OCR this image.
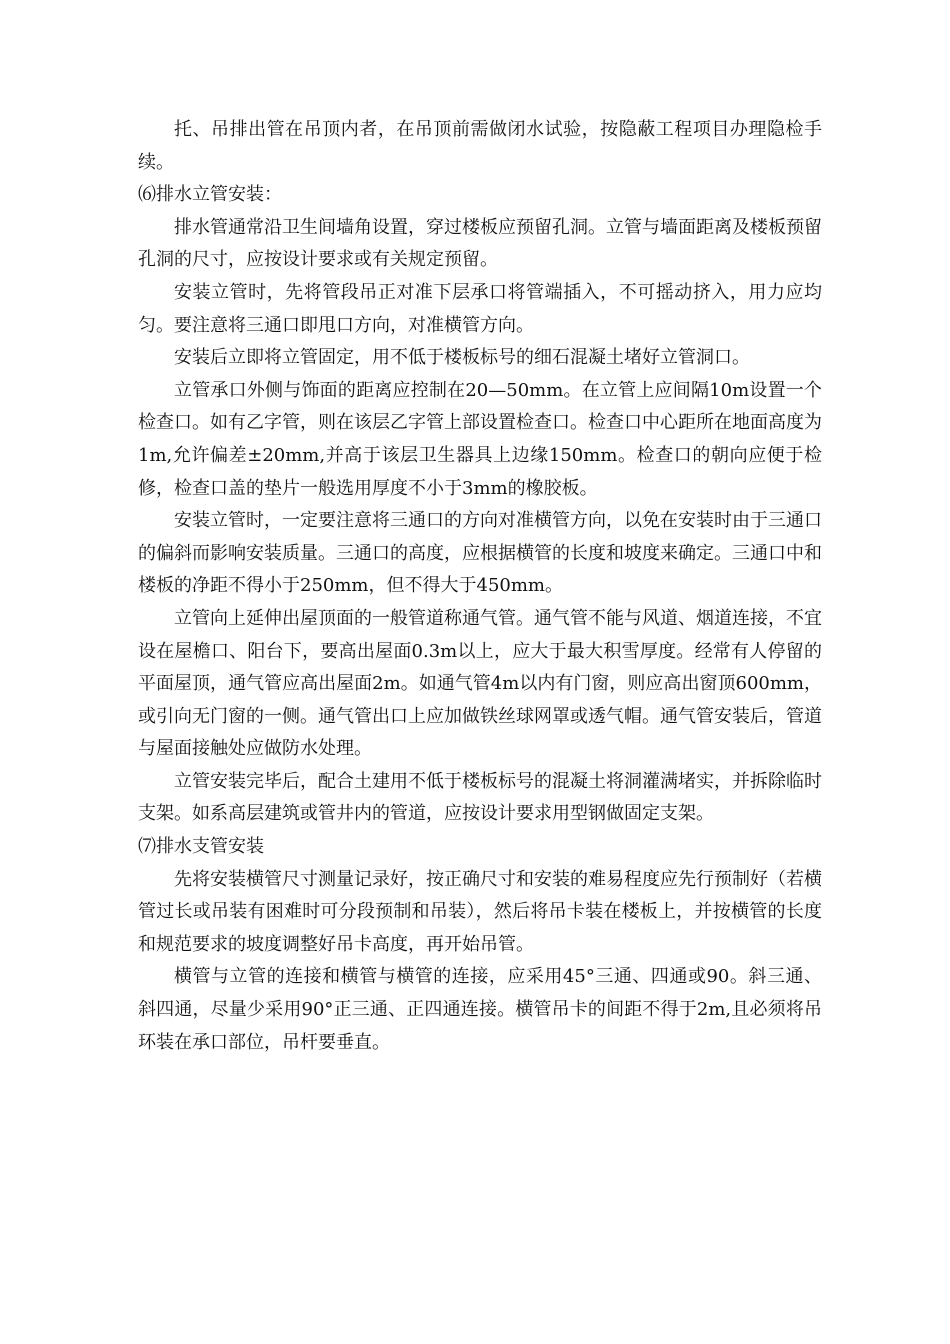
托、吊排出管在吊顶内者，在吊顶前需做闭水试验，按隐蔽工程项目办理隐检手续。

⑹排水立管安装：

排水管通常沿卫生间墙角设置，穿过楼板应预留孔洞。立管与墙面距离及楼板预留孔洞的尺寸，应按设计要求或有关规定预留。

安装立管时，先将管段吊正对准下层承口将管端插入，不可摇动挤入，用力应均匀。要注意将三通口即甩口方向，对准横管方向。

安装后立即将立管固定，用不低于楼板标号的细石混凝土堵好立管洞口。

立管承口外侧与饰面的距离应控制在20—50mm。在立管上应间隔10m设置一个检查口。如有乙字管，则在该层乙字管上部设置检查口。检查口中心距所在地面高度为1m,允许偏差±20mm,并高于该层卫生器具上边缘150mm。检查口的朝向应便于检修，检查口盖的垫片一般选用厚度不小于3mm的橡胶板。

安装立管时，一定要注意将三通口的方向对准横管方向，以免在安装时由于三通口的偏斜而影响安装质量。三通口的高度，应根据横管的长度和坡度来确定。三通口中和楼板的净距不得小于250mm，但不得大于450mm。

立管向上延伸出屋顶面的一般管道称通气管。通气管不能与风道、烟道连接，不宜设在屋檐口、阳台下，要高出屋面0.3m以上，应大于最大积雪厚度。经常有人停留的平面屋顶，通气管应高出屋面2m。如通气管4m以内有门窗，则应高出窗顶600mm，或引向无门窗的一侧。通气管出口上应加做铁丝球网罩或透气帽。通气管安装后，管道与屋面接触处应做防水处理。

立管安装完毕后，配合土建用不低于楼板标号的混凝土将洞灌满堵实，并拆除临时支架。如系高层建筑或管井内的管道，应按设计要求用型钢做固定支架。

⑺排水支管安装

先将安装横管尺寸测量记录好，按正确尺寸和安装的难易程度应先行预制好（若横管过长或吊装有困难时可分段预制和吊装），然后将吊卡装在楼板上，并按横管的长度和规范要求的坡度调整好吊卡高度，再开始吊管。

横管与立管的连接和横管与横管的连接，应采用45°三通、四通或90。斜三通、斜四通，尽量少采用90°正三通、正四通连接。横管吊卡的间距不得于2m,且必须将吊环装在承口部位，吊杆要垂直。
